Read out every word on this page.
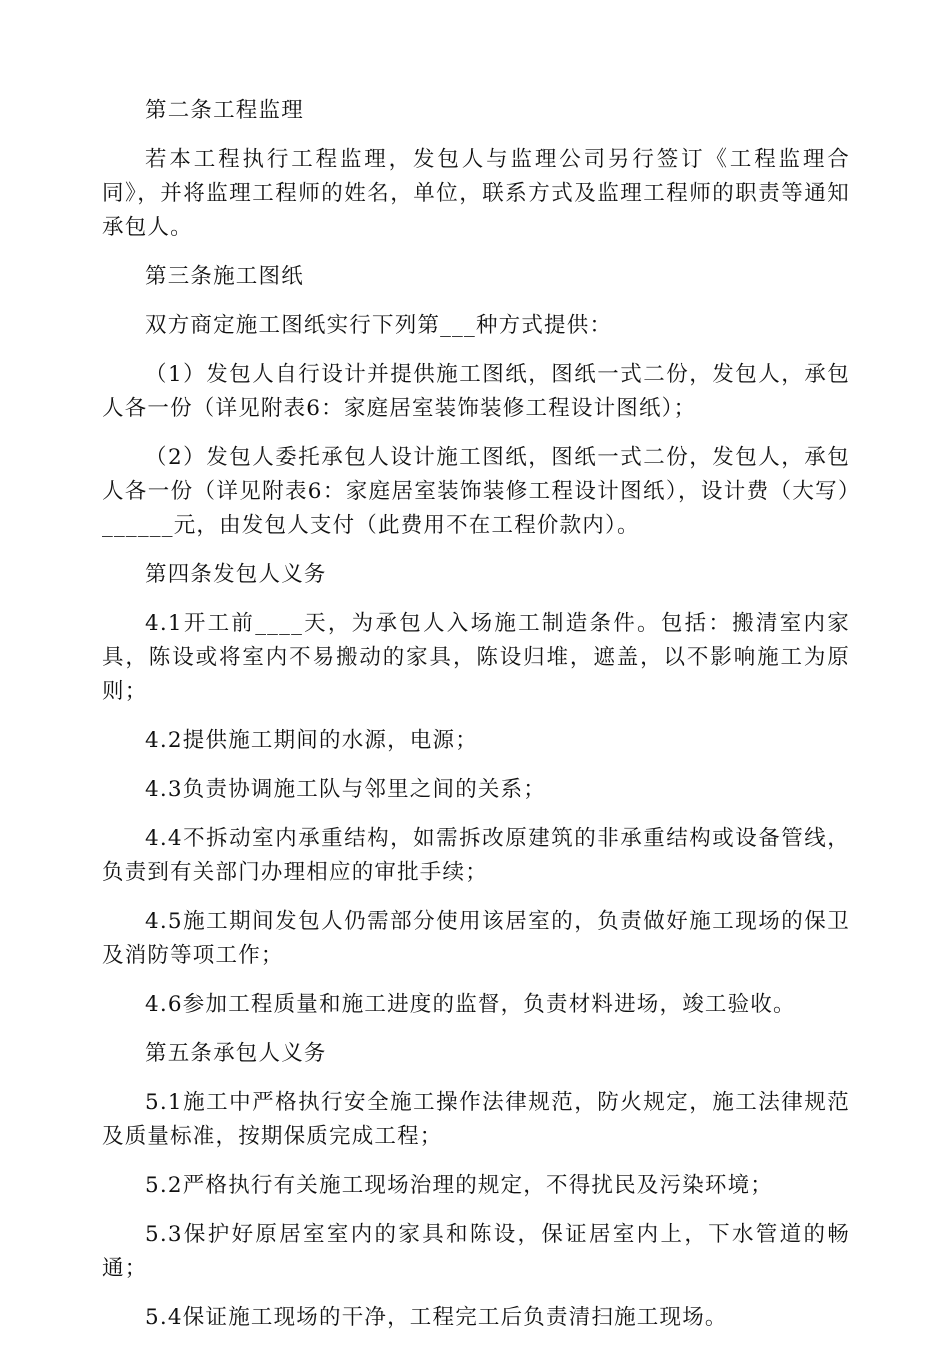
第二条工程监理

若本工程执行工程监理，发包人与监理公司另行签订《工程监理合同》，并将监理工程师的姓名，单位，联系方式及监理工程师的职责等通知承包人。

第三条施工图纸

双方商定施工图纸实行下列第___种方式提供：

（1）发包人自行设计并提供施工图纸，图纸一式二份，发包人，承包人各一份（详见附表6：家庭居室装饰装修工程设计图纸）；

（2）发包人委托承包人设计施工图纸，图纸一式二份，发包人，承包人各一份（详见附表6：家庭居室装饰装修工程设计图纸），设计费（大写）______元，由发包人支付（此费用不在工程价款内）。

第四条发包人义务

4.1开工前____天，为承包人入场施工制造条件。包括：搬清室内家具，陈设或将室内不易搬动的家具，陈设归堆，遮盖，以不影响施工为原则；

4.2提供施工期间的水源，电源；

4.3负责协调施工队与邻里之间的关系；

4.4不拆动室内承重结构，如需拆改原建筑的非承重结构或设备管线，负责到有关部门办理相应的审批手续；

4.5施工期间发包人仍需部分使用该居室的，负责做好施工现场的保卫及消防等项工作；

4.6参加工程质量和施工进度的监督，负责材料进场，竣工验收。

第五条承包人义务

5.1施工中严格执行安全施工操作法律规范，防火规定，施工法律规范及质量标准，按期保质完成工程；

5.2严格执行有关施工现场治理的规定，不得扰民及污染环境；

5.3保护好原居室室内的家具和陈设，保证居室内上，下水管道的畅通；

5.4保证施工现场的干净，工程完工后负责清扫施工现场。
